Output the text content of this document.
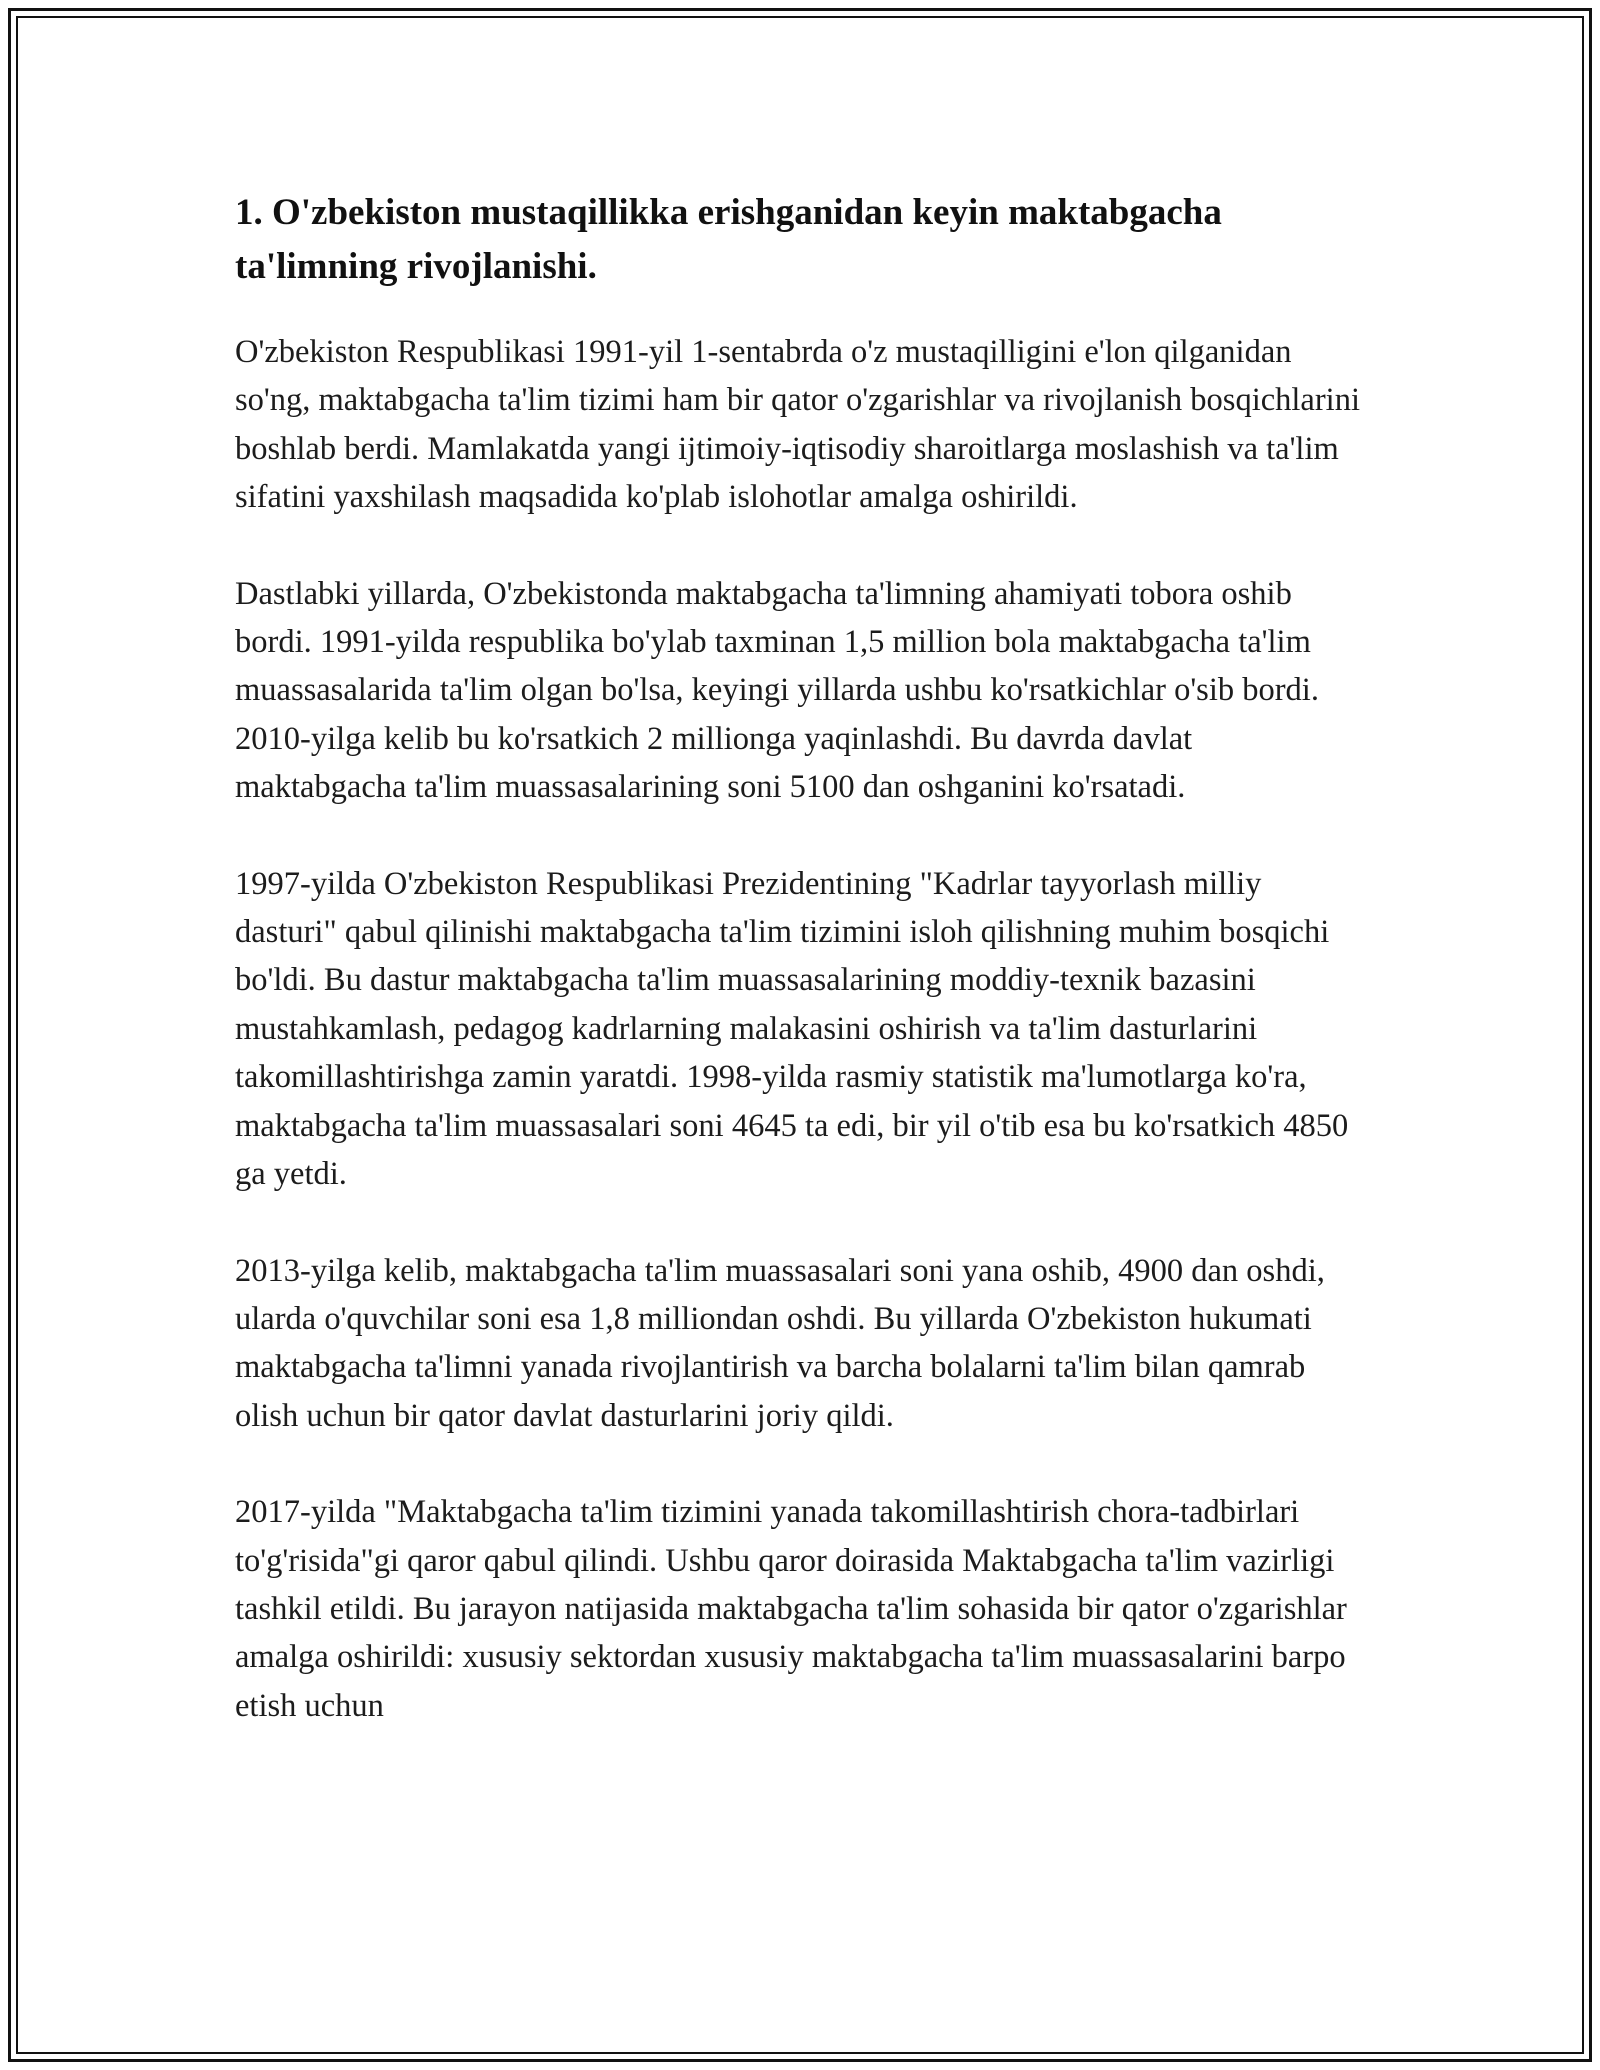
1. O'zbekiston mustaqillikka erishganidan keyin maktabgacha ta'limning rivojlanishi.

O'zbekiston Respublikasi 1991-yil 1-sentabrda o'z mustaqilligini e'lon qilganidan so'ng, maktabgacha ta'lim tizimi ham bir qator o'zgarishlar va rivojlanish bosqichlarini boshlab berdi. Mamlakatda yangi ijtimoiy-iqtisodiy sharoitlarga moslashish va ta'lim sifatini yaxshilash maqsadida ko'plab islohotlar amalga oshirildi.

Dastlabki yillarda, O'zbekistonda maktabgacha ta'limning ahamiyati tobora oshib bordi. 1991-yilda respublika bo'ylab taxminan 1,5 million bola maktabgacha ta'lim muassasalarida ta'lim olgan bo'lsa, keyingi yillarda ushbu ko'rsatkichlar o'sib bordi. 2010-yilga kelib bu ko'rsatkich 2 millionga yaqinlashdi. Bu davrda davlat maktabgacha ta'lim muassasalarining soni 5100 dan oshganini ko'rsatadi.

1997-yilda O'zbekiston Respublikasi Prezidentining "Kadrlar tayyorlash milliy dasturi" qabul qilinishi maktabgacha ta'lim tizimini isloh qilishning muhim bosqichi bo'ldi. Bu dastur maktabgacha ta'lim muassasalarining moddiy-texnik bazasini mustahkamlash, pedagog kadrlarning malakasini oshirish va ta'lim dasturlarini takomillashtirishga zamin yaratdi. 1998-yilda rasmiy statistik ma'lumotlarga ko'ra, maktabgacha ta'lim muassasalari soni 4645 ta edi, bir yil o'tib esa bu ko'rsatkich 4850 ga yetdi.

2013-yilga kelib, maktabgacha ta'lim muassasalari soni yana oshib, 4900 dan oshdi, ularda o'quvchilar soni esa 1,8 milliondan oshdi. Bu yillarda O'zbekiston hukumati maktabgacha ta'limni yanada rivojlantirish va barcha bolalarni ta'lim bilan qamrab olish uchun bir qator davlat dasturlarini joriy qildi.

2017-yilda "Maktabgacha ta'lim tizimini yanada takomillashtirish chora-tadbirlari to'g'risida"gi qaror qabul qilindi. Ushbu qaror doirasida Maktabgacha ta'lim vazirligi tashkil etildi. Bu jarayon natijasida maktabgacha ta'lim sohasida bir qator o'zgarishlar amalga oshirildi: xususiy sektordan xususiy maktabgacha ta'lim muassasalarini barpo etish uchun
